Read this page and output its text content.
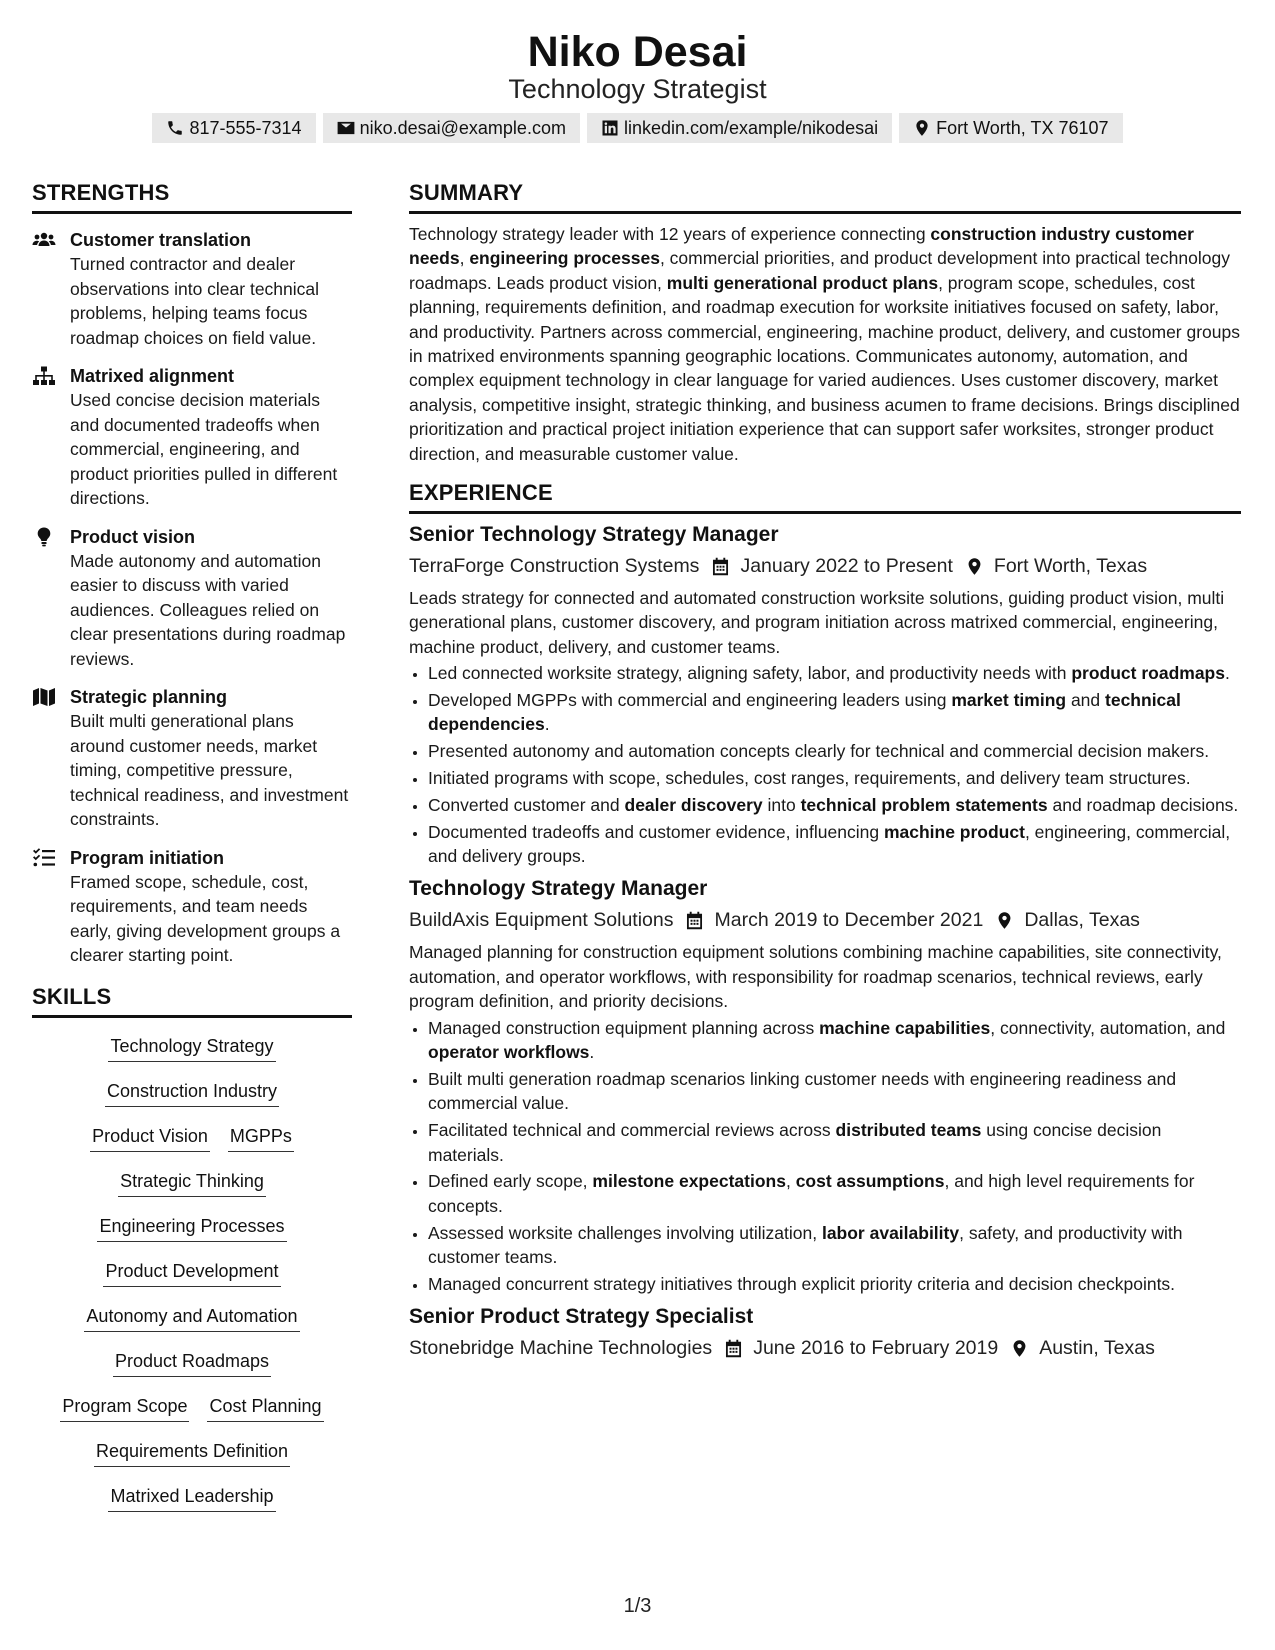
Niko Desai
Technology Strategist
817-555-7314	niko.desai@example.com	linkedin.com/example/nikodesai	Fort Worth, TX 76107
STRENGTHS
Customer translation
Turned contractor and dealer observations into clear technical problems, helping teams focus roadmap choices on field value.
Matrixed alignment
Used concise decision materials and documented tradeoffs when commercial, engineering, and product priorities pulled in different directions.
Product vision
Made autonomy and automation easier to discuss with varied audiences. Colleagues relied on clear presentations during roadmap reviews.
Strategic planning
Built multi generational plans around customer needs, market timing, competitive pressure, technical readiness, and investment constraints.
Program initiation
Framed scope, schedule, cost, requirements, and team needs early, giving development groups a clearer starting point.
SKILLS
Technology Strategy
Construction Industry
Product Vision MGPPs
Strategic Thinking
Engineering Processes
Product Development
Autonomy and Automation
Product Roadmaps
Program Scope Cost Planning
Requirements Definition
Matrixed Leadership
SUMMARY
Technology strategy leader with 12 years of experience connecting construction industry customer needs, engineering processes, commercial priorities, and product development into practical technology roadmaps. Leads product vision, multi generational product plans, program scope, schedules, cost planning, requirements definition, and roadmap execution for worksite initiatives focused on safety, labor, and productivity. Partners across commercial, engineering, machine product, delivery, and customer groups in matrixed environments spanning geographic locations. Communicates autonomy, automation, and complex equipment technology in clear language for varied audiences. Uses customer discovery, market analysis, competitive insight, strategic thinking, and business acumen to frame decisions. Brings disciplined prioritization and practical project initiation experience that can support safer worksites, stronger product direction, and measurable customer value.
EXPERIENCE
Senior Technology Strategy Manager
TerraForge Construction Systems January 2022 to Present Fort Worth, Texas
Leads strategy for connected and automated construction worksite solutions, guiding product vision, multi generational plans, customer discovery, and program initiation across matrixed commercial, engineering, machine product, delivery, and customer teams.
• Led connected worksite strategy, aligning safety, labor, and productivity needs with product roadmaps.
• Developed MGPPs with commercial and engineering leaders using market timing and technical dependencies.
• Presented autonomy and automation concepts clearly for technical and commercial decision makers.
• Initiated programs with scope, schedules, cost ranges, requirements, and delivery team structures.
• Converted customer and dealer discovery into technical problem statements and roadmap decisions.
• Documented tradeoffs and customer evidence, influencing machine product, engineering, commercial, and delivery groups.
Technology Strategy Manager
BuildAxis Equipment Solutions March 2019 to December 2021 Dallas, Texas
Managed planning for construction equipment solutions combining machine capabilities, site connectivity, automation, and operator workflows, with responsibility for roadmap scenarios, technical reviews, early program definition, and priority decisions.
• Managed construction equipment planning across machine capabilities, connectivity, automation, and operator workflows.
• Built multi generation roadmap scenarios linking customer needs with engineering readiness and commercial value.
• Facilitated technical and commercial reviews across distributed teams using concise decision materials.
• Defined early scope, milestone expectations, cost assumptions, and high level requirements for concepts.
• Assessed worksite challenges involving utilization, labor availability, safety, and productivity with customer teams.
• Managed concurrent strategy initiatives through explicit priority criteria and decision checkpoints.
Senior Product Strategy Specialist
Stonebridge Machine Technologies June 2016 to February 2019 Austin, Texas
1/3
